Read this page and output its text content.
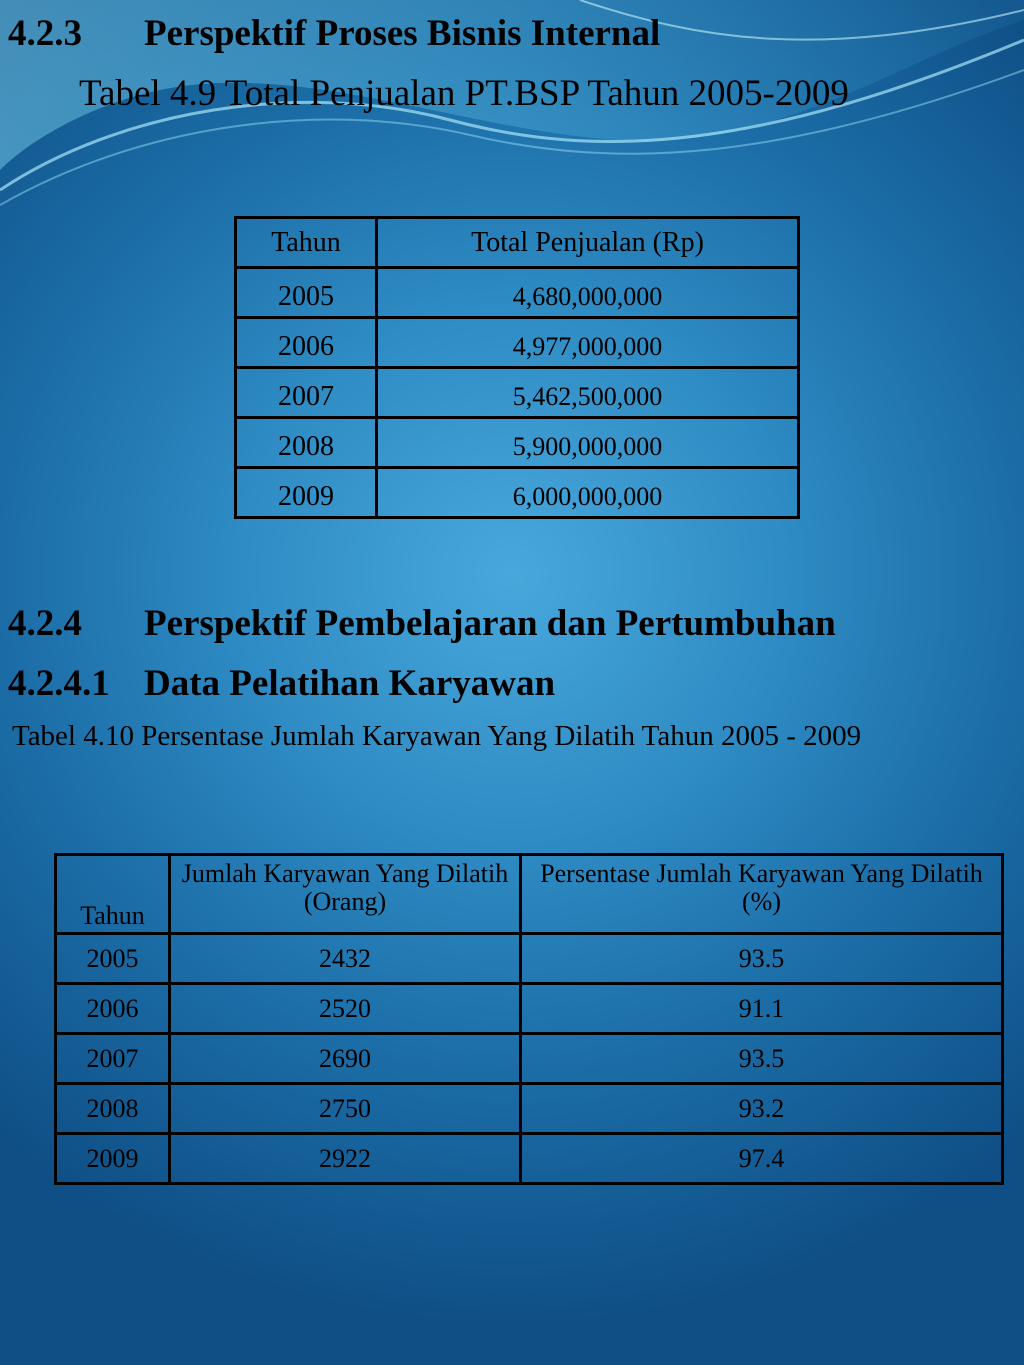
4.2.3 Perspektif Proses Bisnis Internal
Tabel 4.9 Total Penjualan PT.BSP Tahun 2005-2009
Tahun	Total Penjualan (Rp)
2005	4,680,000,000
2006	4,977,000,000
2007	5,462,500,000
2008	5,900,000,000
2009	6,000,000,000
4.2.4 Perspektif Pembelajaran dan Pertumbuhan
4.2.4.1 Data Pelatihan Karyawan
Tabel 4.10 Persentase Jumlah Karyawan Yang Dilatih Tahun 2005 - 2009
Tahun	Jumlah Karyawan Yang Dilatih (Orang)	Persentase Jumlah Karyawan Yang Dilatih (%)
2005	2432	93.5
2006	2520	91.1
2007	2690	93.5
2008	2750	93.2
2009	2922	97.4
